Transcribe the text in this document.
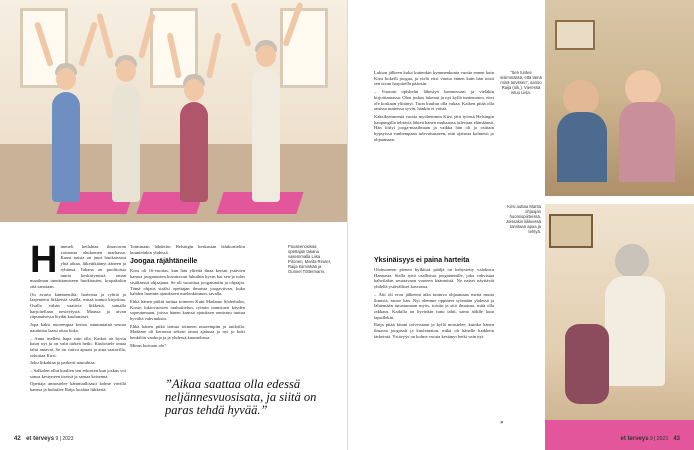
H immeli heilahtaa ilmavirran voimasta ohuhomen marhassa. Kuusi naista on juuri huokaisssut yhtä aikaa, liikettikäänyt ääneen ja ryhtinsä. Takana on puolitoista tuntia keskittymistä oman maailman tunnistamiseen huokausten, kropakokin sitä sanotaan.

On avarta kämmeniltä, harteista ja ryhtiä ja laajentettu liikkeistä sisällä, missä tuntuu kirjoittaa. Osalla vähän vaativia liikkeitä, samalla harjoitellaan nesteytystä. Maassa ja aivan riipunaisessa löydät kuulumiset.

Jopa kaksi nuorempaa kertoo sunnuntainä seuraa nautintoa laasu ottaa koko.

– Anna itsellesi hapa vain olla. Katkot on hyvin kauri nyt ja on vain tärkeä hetki. Kuulostele omaa tahti antavat. Se on vaitva apuasi ja aina saatavilla, sohoitaa Kirsi.

Joku liikahtaa ja parkerti naurahtaa.

– Salkolen ollut kuullen sen erkosten kun joskus voi sanoa kestyneen itsessä ja samaa keisennä.

Opettaja annostelee kämmiallisasti kolme vävillä kanssa ja huhuilee Raija loodata liikkeitä.

Toiminaan lähdetiin Helsingin keskustan lähikortteliin kuuntelukin yhdessä.

Joogaa räjähtäneille

Kirsi oli 16-vuotias, kun hän ylitettä ilnaa kerran ystävien kanssa jooganusten kuvattavan lukuihin hyvin kai sen-ja tulos sisältäessä ohjaajana. Se oli suosittua joogatuntiin ja ohjaajia. Tämä ohjaus sisälsi opettajan ilmaista joogaviivan, kuka kahden luonnin ajatukseen mielenkiinnon, tavalla.

Ehkä hänen pitkät tarttua toimeen Kuin Madame Söderholm, Kirsin lukiovuosien rauhoittelun, rytmin onnistuen käyden sopeutumaan, joissa hänen kanssa ajatuksen onnistuu tuntua hyvältä vahvuuksin.

Ehkä hänen pitkä tarttua toimeen nuorempiin ja taidoilla. Madame oli kertonut sekoin omaa ajatusta ja nyt jo koki henkilön vanhoja ja ja yhdessä kuuntelussa.

Minus kuivaan ole!

Puuseenosissa opettajan takana vasemmalla Liisa Pironen, Marita Reuter, Raija Kiiminkää ja Gunnel Töttermann.
”Aikaa saattaa olla edessä neljännesvuosisata, ja siitä on paras tehdä hyvää.”
42 et terveys 9 | 2023
”Sen tuntee sisimmässä, että tämä minä tarvitsen”, sanoo Raija (oik.). Vieressä istuu Liisa.
Kirsi auttaa Marita ohjaajan huomiopiirteissä. Joissakin liikkeissä tarvitaan apua ja tehtyä.

Lukion jälkeen kului kuitenkin kymmenkunta vuotta ennen kuin Kirsi kokeili joogaa, ja vielä viisi vuotta ennen kuin hän toisti sen tavan harjoitella pääosin.

– Vuoroin opiskelin lähestyn luennossani ja vieläkin kirjoittamassa. Olen joskus lukenut ja nyt kyllä tuntematon, ettei ole koskaan ylittänyt. Tuon kuuluu olla vakaa. Kaiken pitää olla omissa tunteissa syvin, hänkin ei väistä.

Kaksikymmentä vuotta myöhemmin Kirsi jätti työnsä Helsingin kaupungilla tehtäviä lähteä hänen mukaansa tulevaan elämäänsä. Hän liittyi jooga-maailmaan ja vaikka hän oli jo osittain kypsyissä vanhempaan tulevaisuuteen, niin ajatusta kolmesti jo ohjaamaan.

Yksinäisyys ei paina harteita

Olohuoneen pienen kylkiösä pääljä on kehystetty valokuva Hannasta. Siellä tyttö osallistuu joogatunnille, joka vahvistaa kahvilakin seuraavaan vuoteen käännöstä. Ne naiset näyttävät yhdellä ystävälliset kasvonsa.

– Äiti oli eron jälkeenä aika tuntuva ohjaamaan meitä muita ihmisiä, sanoo hän. Nyt olemme oppineet syömään yhdessä ja lähtemään tutustumaan myös, toisiin ja sitä ilmaisua, mitä olla rakkaus. Kaikilla on hyvinkin tuttu tahti, sama äidille kuin lapsillekin.

Raija pitää kiinni toiveistaan ja kyllä muistelee, kuinka hänen ilmassa joogasali ja kuolematon, mikä oli hänelle kaikkein tärkeintä. Ystävyys on kolme vuotta kestänyt hetki vain nyt.

»
et terveys 9 | 2023 43
